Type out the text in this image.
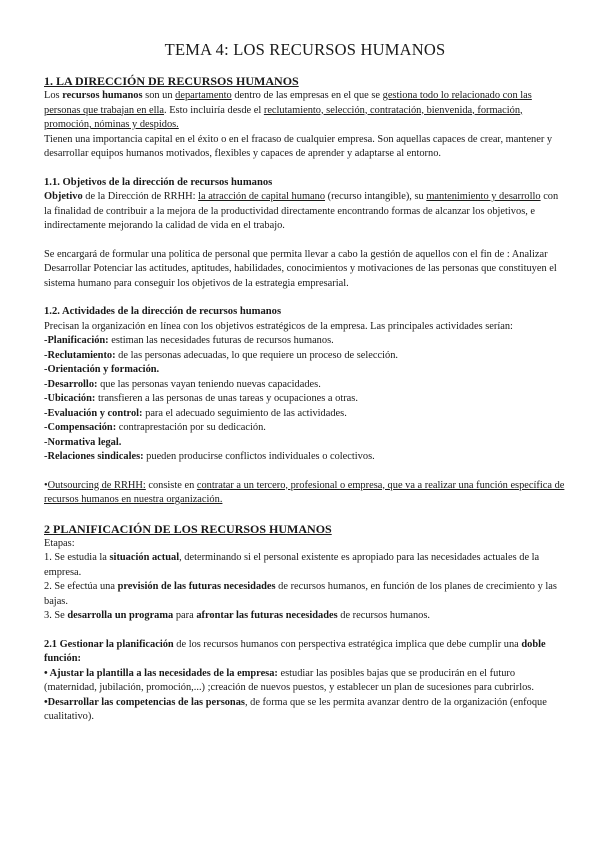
TEMA 4: LOS RECURSOS HUMANOS
1. LA DIRECCIÓN DE RECURSOS HUMANOS

Los recursos humanos son un departamento dentro de las empresas en el que se gestiona todo lo relacionado con las personas que trabajan en ella. Esto incluiría desde el reclutamiento, selección, contratación, bienvenida, formación, promoción, nóminas y despidos.

Tienen una importancia capital en el éxito o en el fracaso de cualquier empresa. Son aquellas capaces de crear, mantener y desarrollar equipos humanos motivados, flexibles y capaces de aprender y adaptarse al entorno.

1.1. Objetivos de la dirección de recursos humanos

Objetivo de la Dirección de RRHH: la atracción de capital humano (recurso intangible), su mantenimiento y desarrollo con la finalidad de contribuir a la mejora de la productividad directamente encontrando formas de alcanzar los objetivos, e indirectamente mejorando la calidad de vida en el trabajo.

Se encargará de formular una política de personal que permita llevar a cabo la gestión de aquellos con el fin de : Analizar Desarrollar Potenciar las actitudes, aptitudes, habilidades, conocimientos y motivaciones de las personas que constituyen el sistema humano para conseguir los objetivos de la estrategia empresarial.

1.2. Actividades de la dirección de recursos humanos

Precisan la organización en línea con los objetivos estratégicos de la empresa. Las principales actividades serían:

-Planificación: estiman las necesidades futuras de recursos humanos.

-Reclutamiento: de las personas adecuadas, lo que requiere un proceso de selección.

-Orientación y formación.

-Desarrollo: que las personas vayan teniendo nuevas capacidades.

-Ubicación: transfieren a las personas de unas tareas y ocupaciones a otras.

-Evaluación y control: para el adecuado seguimiento de las actividades.

-Compensación: contraprestación por su dedicación.

-Normativa legal.

-Relaciones sindicales: pueden producirse conflictos individuales o colectivos.

•Outsourcing de RRHH: consiste en contratar a un tercero, profesional o empresa, que va a realizar una función específica de recursos humanos en nuestra organización.

2 PLANIFICACIÓN DE LOS RECURSOS HUMANOS

Etapas:

1. Se estudia la situación actual, determinando si el personal existente es apropiado para las necesidades actuales de la empresa.

2. Se efectúa una previsión de las futuras necesidades de recursos humanos, en función de los planes de crecimiento y las bajas.

3. Se desarrolla un programa para afrontar las futuras necesidades de recursos humanos.

2.1 Gestionar la planificación de los recursos humanos con perspectiva estratégica implica que debe cumplir una doble función:

• Ajustar la plantilla a las necesidades de la empresa: estudiar las posibles bajas que se producirán en el futuro (maternidad, jubilación, promoción,...) ;creación de nuevos puestos, y establecer un plan de sucesiones para cubrirlos.

•Desarrollar las competencias de las personas, de forma que se les permita avanzar dentro de la organización (enfoque cualitativo).
